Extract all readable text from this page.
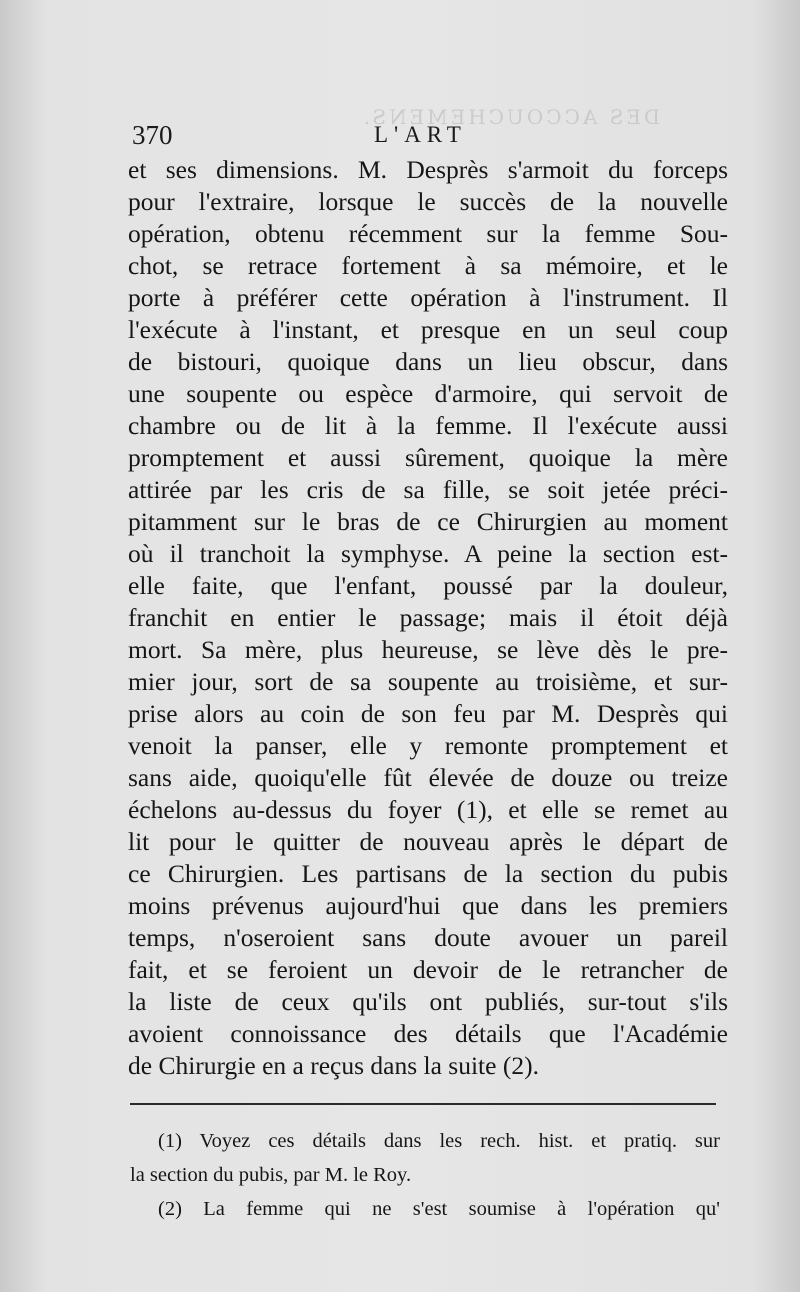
DES ACCOUCHEMENS.
370	L'ART
et ses dimensions. M. Desprès s'armoit du forceps
pour l'extraire, lorsque le succès de la nouvelle
opération, obtenu récemment sur la femme Sou-
chot, se retrace fortement à sa mémoire, et le
porte à préférer cette opération à l'instrument. Il
l'exécute à l'instant, et presque en un seul coup
de bistouri, quoique dans un lieu obscur, dans
une soupente ou espèce d'armoire, qui servoit de
chambre ou de lit à la femme. Il l'exécute aussi
promptement et aussi sûrement, quoique la mère
attirée par les cris de sa fille, se soit jetée préci-
pitamment sur le bras de ce Chirurgien au moment
où il tranchoit la symphyse. A peine la section est-
elle faite, que l'enfant, poussé par la douleur,
franchit en entier le passage; mais il étoit déjà
mort. Sa mère, plus heureuse, se lève dès le pre-
mier jour, sort de sa soupente au troisième, et sur-
prise alors au coin de son feu par M. Desprès qui
venoit la panser, elle y remonte promptement et
sans aide, quoiqu'elle fût élevée de douze ou treize
échelons au-dessus du foyer (1), et elle se remet au
lit pour le quitter de nouveau après le départ de
ce Chirurgien. Les partisans de la section du pubis
moins prévenus aujourd'hui que dans les premiers
temps, n'oseroient sans doute avouer un pareil
fait, et se feroient un devoir de le retrancher de
la liste de ceux qu'ils ont publiés, sur-tout s'ils
avoient connoissance des détails que l'Académie
de Chirurgie en a reçus dans la suite (2).
(1) Voyez ces détails dans les rech. hist. et pratiq. sur
la section du pubis, par M. le Roy.
(2) La femme qui ne s'est soumise à l'opération qu'
